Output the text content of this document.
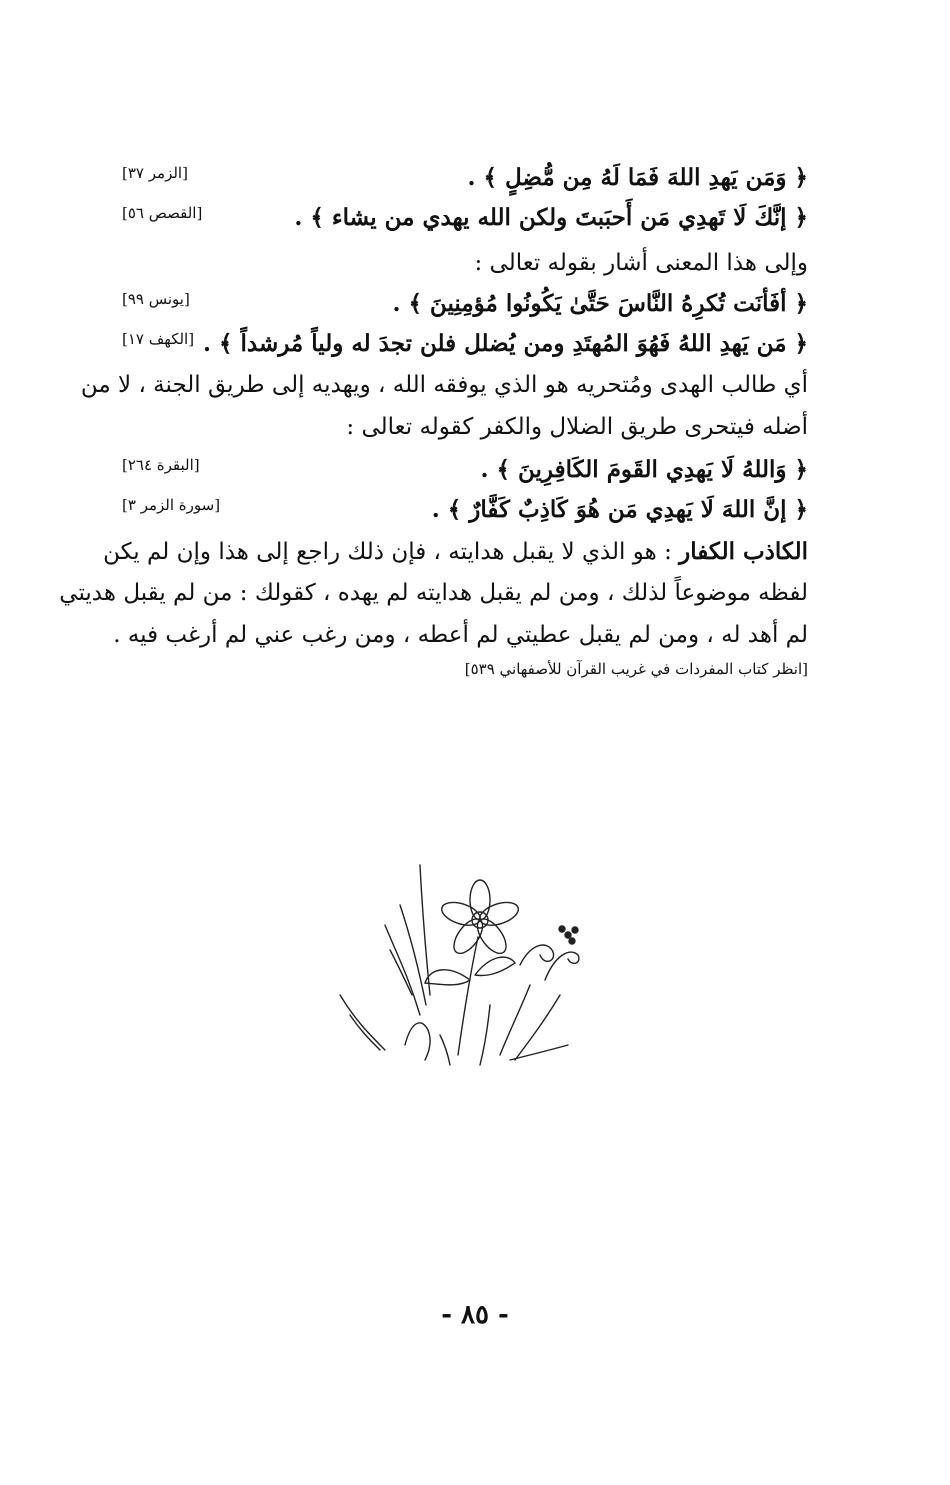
﴿ وَمَن يَهدِ اللهَ فَمَا لَهُ مِن مُّضِلٍ ﴾ .
[الزمر ٣٧]
﴿ إنَّكَ لَا تَهدِي مَن أَحبَبتَ ولكن الله يهدي من يشاء ﴾ .
[القصص ٥٦]
وإلى هذا المعنى أشار بقوله تعالى :
﴿ أفَأنَت تُكرِهُ النَّاسَ حَتَّىٰ يَكُونُوا مُؤمِنِينَ ﴾ .
[يونس ٩٩]
﴿ مَن يَهدِ اللهُ فَهُوَ المُهتَدِ ومن يُضلل فلن تجدَ له ولياً مُرشداً ﴾ .
[الكهف ١٧]
أي طالب الهدى ومُتحريه هو الذي يوفقه الله ، ويهديه إلى طريق الجنة ، لا من
أضله فيتحرى طريق الضلال والكفر كقوله تعالى :
﴿ وَاللهُ لَا يَهدِي القَومَ الكَافِرِينَ ﴾ .
[البقرة ٢٦٤]
﴿ إنَّ اللهَ لَا يَهدِي مَن هُوَ كَاذِبٌ كَفَّارٌ ﴾ .
[سورة الزمر ٣]
الكاذب الكفار : هو الذي لا يقبل هدايته ، فإن ذلك راجع إلى هذا وإن لم يكن
لفظه موضوعاً لذلك ، ومن لم يقبل هدايته لم يهده ، كقولك : من لم يقبل هديتي
لم أهد له ، ومن لم يقبل عطيتي لم أعطه ، ومن رغب عني لم أرغب فيه .
[انظر كتاب المفردات في غريب القرآن للأصفهاني ٥٣٩]
- ٨٥ -
